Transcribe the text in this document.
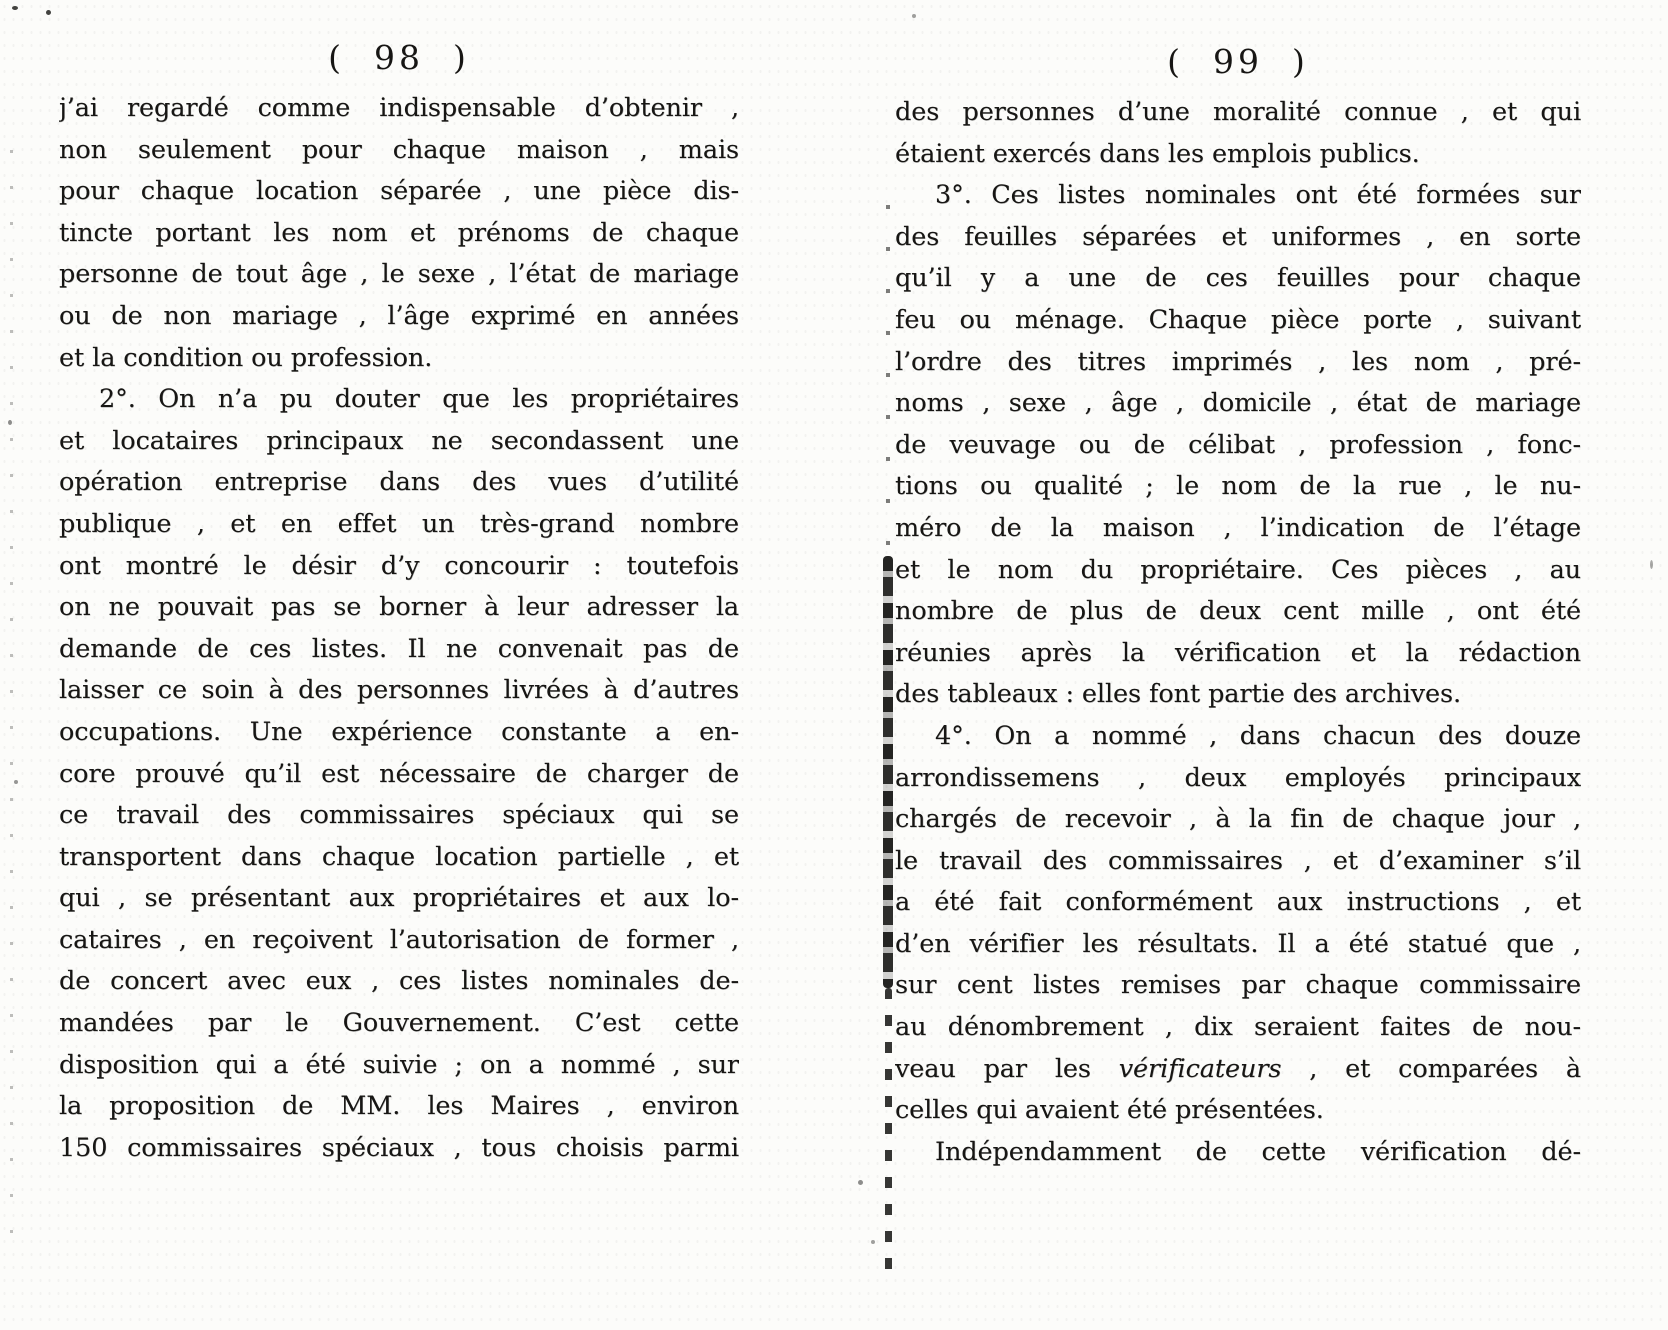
(  98  )
j’ai regardé comme indispensable d’obtenir ,
non seulement pour chaque maison , mais
pour chaque location séparée , une pièce dis-
tincte portant les nom et prénoms de chaque
personne de tout âge , le sexe , l’état de mariage
ou de non mariage , l’âge exprimé en années
et la condition ou profession.
2°. On n’a pu douter que les propriétaires
et locataires principaux ne secondassent une
opération entreprise dans des vues d’utilité
publique , et en effet un très-grand nombre
ont montré le désir d’y concourir : toutefois
on ne pouvait pas se borner à leur adresser la
demande de ces listes. Il ne convenait pas de
laisser ce soin à des personnes livrées à d’autres
occupations. Une expérience constante a en-
core prouvé qu’il est nécessaire de charger de
ce travail des commissaires spéciaux qui se
transportent dans chaque location partielle , et
qui , se présentant aux propriétaires et aux lo-
cataires , en reçoivent l’autorisation de former ,
de concert avec eux , ces listes nominales de-
mandées par le Gouvernement. C’est cette
disposition qui a été suivie ; on a nommé , sur
la proposition de MM. les Maires , environ
150 commissaires spéciaux , tous choisis parmi
(  99  )
des personnes d’une moralité connue , et qui
étaient exercés dans les emplois publics.
3°. Ces listes nominales ont été formées sur
des feuilles séparées et uniformes , en sorte
qu’il y a une de ces feuilles pour chaque
feu ou ménage. Chaque pièce porte , suivant
l’ordre des titres imprimés , les nom , pré-
noms , sexe , âge , domicile , état de mariage
de veuvage ou de célibat , profession , fonc-
tions ou qualité ; le nom de la rue , le nu-
méro de la maison , l’indication de l’étage
et le nom du propriétaire. Ces pièces , au
nombre de plus de deux cent mille , ont été
réunies après la vérification et la rédaction
des tableaux : elles font partie des archives.
4°. On a nommé , dans chacun des douze
arrondissemens , deux employés principaux
chargés de recevoir , à la fin de chaque jour ,
le travail des commissaires , et d’examiner s’il
a été fait conformément aux instructions , et
d’en vérifier les résultats. Il a été statué que ,
sur cent listes remises par chaque commissaire
au dénombrement , dix seraient faites de nou-
veau par les vérificateurs , et comparées à
celles qui avaient été présentées.
Indépendamment de cette vérification dé-
